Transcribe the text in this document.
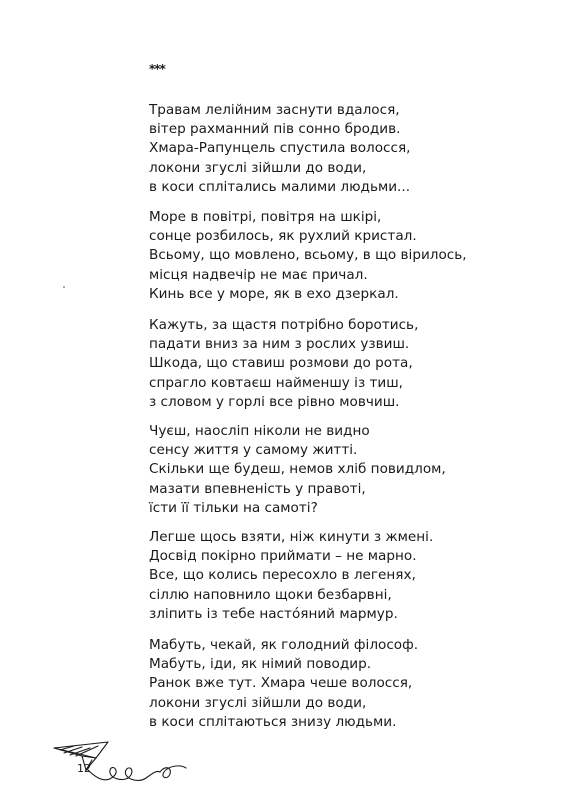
***
Травам лелійним заснути вдалося,
вітер рахманний пів сонно бродив.
Хмара-Рапунцель спустила волосся,
локони згуслі зійшли до води,
в коси сплітались малими людьми...
Море в повітрі, повітря на шкірі,
сонце розбилось, як рухлий кристал.
Всьому, що мовлено, всьому, в що вірилось,
місця надвечір не має причал.
Кинь все у море, як в ехо дзеркал.
Кажуть, за щастя потрібно боротись,
падати вниз за ним з рослих узвиш.
Шкода, що ставиш розмови до рота,
спрагло ковтаєш найменшу із тиш,
з словом у горлі все рівно мовчиш.
Чуєш, наосліп ніколи не видно
сенсу життя у самому житті.
Скільки ще будеш, немов хліб повидлом,
мазати впевненість у правоті,
їсти її тільки на самоті?
Легше щось взяти, ніж кинути з жмені.
Досвід покірно приймати – не марно.
Все, що колись пересохло в легенях,
сіллю наповнило щоки безбарвні,
зліпить із тебе настóяний мармур.
Мабуть, чекай, як голодний філософ.
Мабуть, іди, як німий поводир.
Ранок вже тут. Хмара чеше волосся,
локони згуслі зійшли до води,
в коси сплітаються знизу людьми.
12
